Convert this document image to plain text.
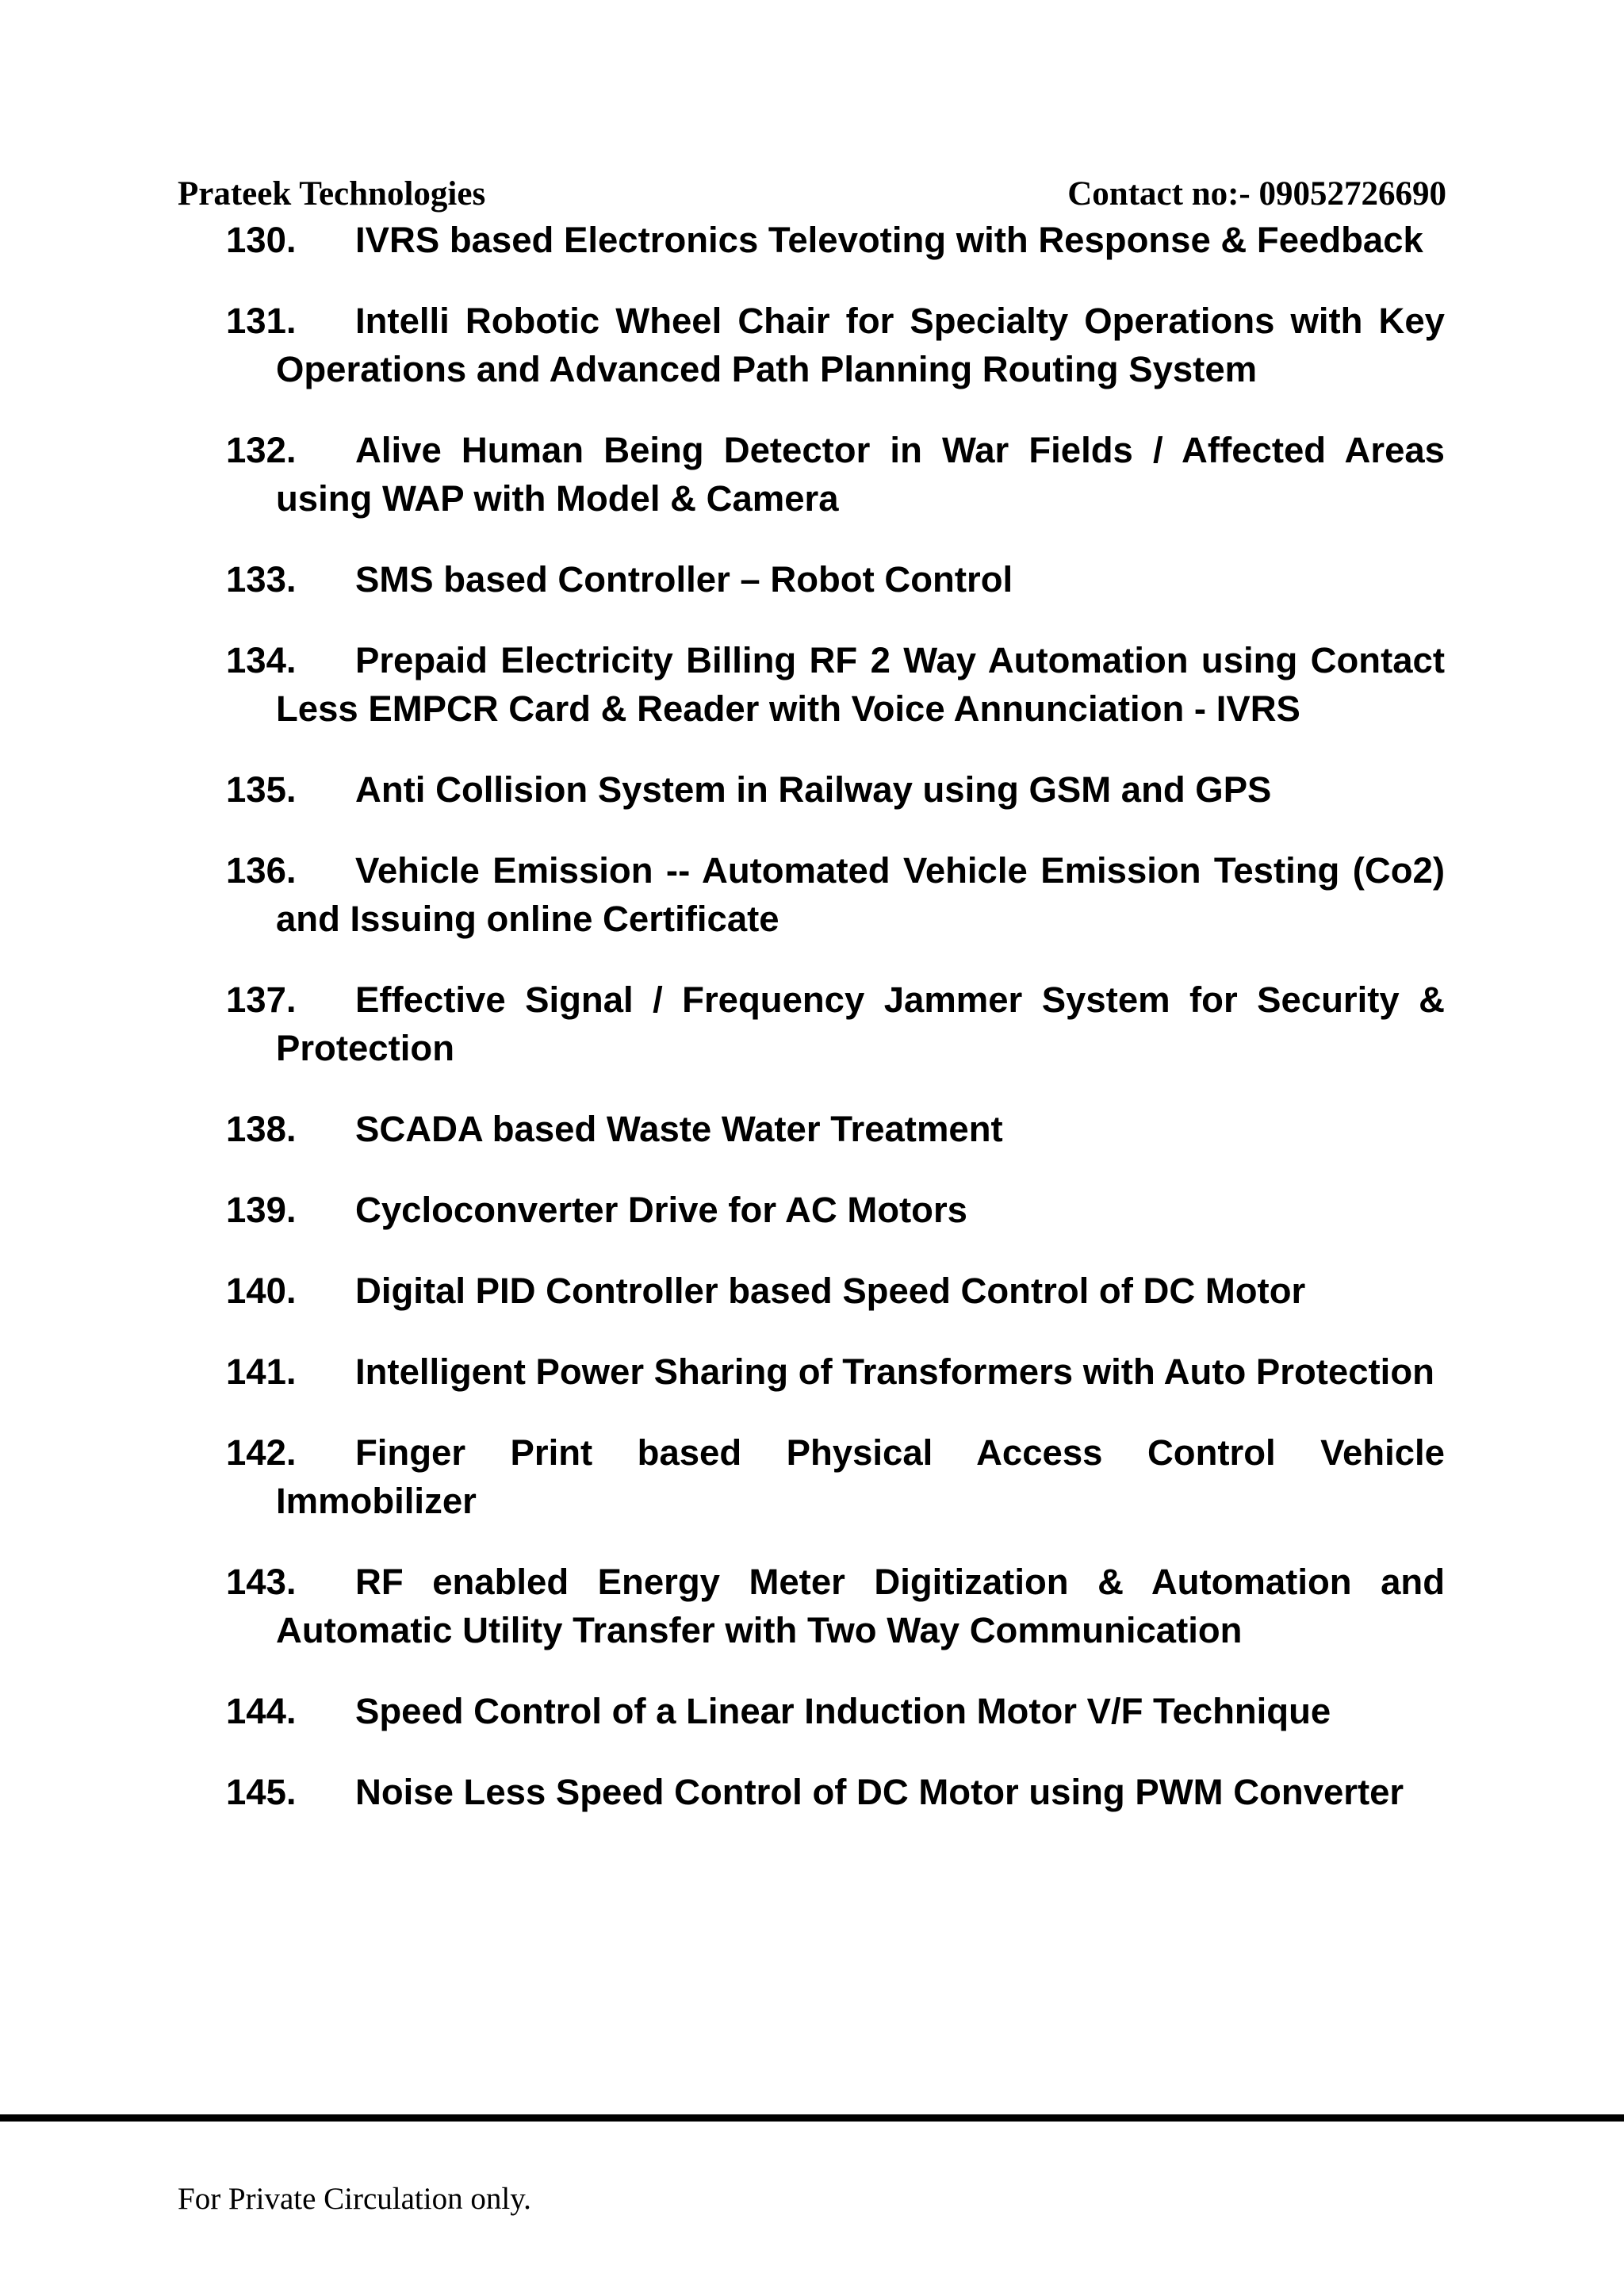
Prateek Technologies	Contact no:- 09052726690
130.	IVRS based Electronics Televoting with Response & Feedback
131.	Intelli Robotic Wheel Chair for Specialty Operations with Key Operations and Advanced Path Planning Routing System
132.	Alive Human Being Detector in War Fields / Affected Areas using WAP with Model & Camera
133.	SMS based Controller – Robot Control
134.	Prepaid Electricity Billing RF 2 Way Automation using Contact Less EMPCR Card & Reader with Voice Annunciation - IVRS
135.	Anti Collision System in Railway using GSM and GPS
136.	Vehicle Emission -- Automated Vehicle Emission Testing (Co2) and Issuing online Certificate
137.	Effective Signal / Frequency Jammer System for Security & Protection
138.	SCADA based Waste Water Treatment
139.	Cycloconverter Drive for AC Motors
140.	Digital PID Controller based Speed Control of DC Motor
141.	Intelligent Power Sharing of Transformers with Auto Protection
142.	Finger Print based Physical Access Control Vehicle Immobilizer
143.	RF enabled Energy Meter Digitization & Automation and Automatic Utility Transfer with Two Way Communication
144.	Speed Control of a Linear Induction Motor V/F Technique
145.	Noise Less Speed Control of DC Motor using PWM Converter
For Private Circulation only.
